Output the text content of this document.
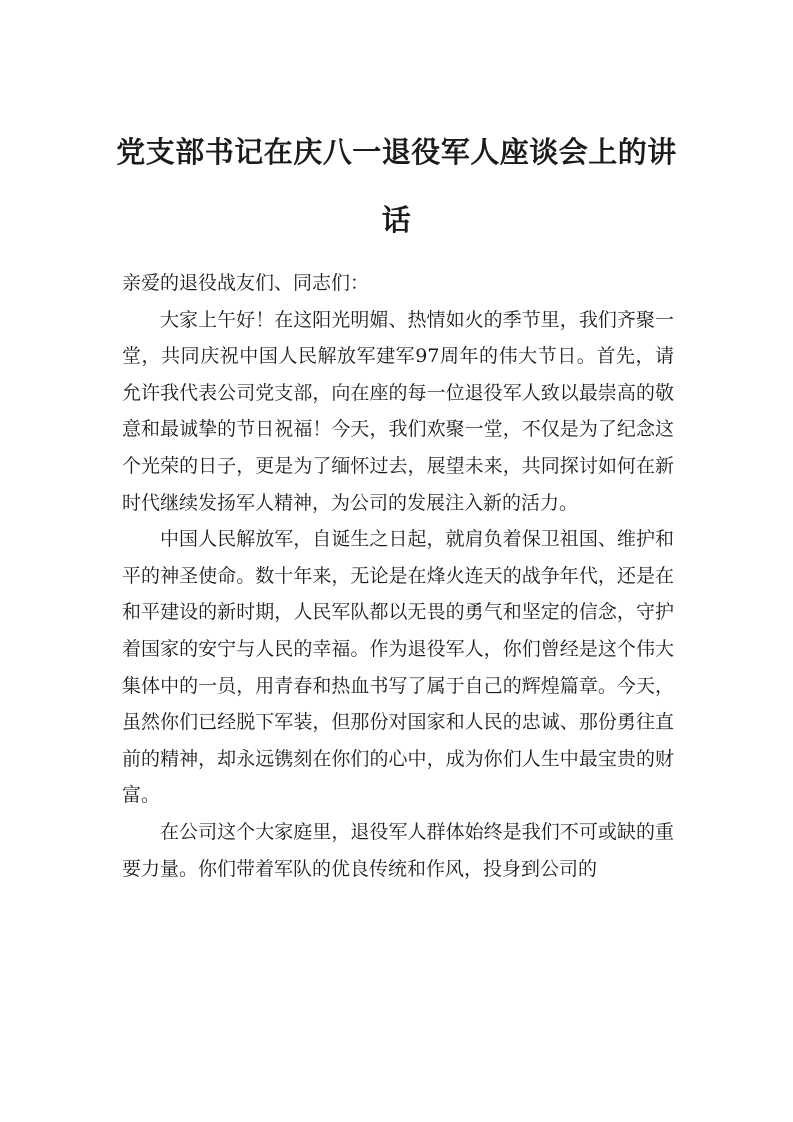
党支部书记在庆八一退役军人座谈会上的讲话

亲爱的退役战友们、同志们：

大家上午好！在这阳光明媚、热情如火的季节里，我们齐聚一堂，共同庆祝中国人民解放军建军97周年的伟大节日。首先，请允许我代表公司党支部，向在座的每一位退役军人致以最崇高的敬意和最诚挚的节日祝福！今天，我们欢聚一堂，不仅是为了纪念这个光荣的日子，更是为了缅怀过去，展望未来，共同探讨如何在新时代继续发扬军人精神，为公司的发展注入新的活力。

中国人民解放军，自诞生之日起，就肩负着保卫祖国、维护和平的神圣使命。数十年来，无论是在烽火连天的战争年代，还是在和平建设的新时期，人民军队都以无畏的勇气和坚定的信念，守护着国家的安宁与人民的幸福。作为退役军人，你们曾经是这个伟大集体中的一员，用青春和热血书写了属于自己的辉煌篇章。今天，虽然你们已经脱下军装，但那份对国家和人民的忠诚、那份勇往直前的精神，却永远镌刻在你们的心中，成为你们人生中最宝贵的财富。

在公司这个大家庭里，退役军人群体始终是我们不可或缺的重要力量。你们带着军队的优良传统和作风，投身到公司的
